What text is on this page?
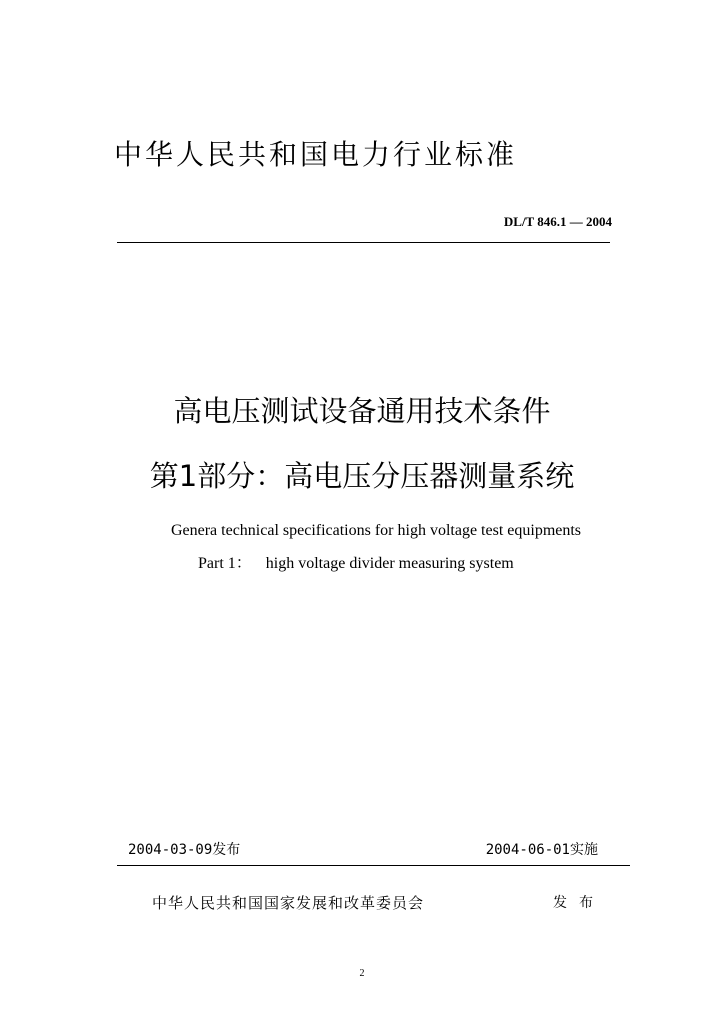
中华人民共和国电力行业标准
DL/T 846.1 — 2004
高电压测试设备通用技术条件
第1部分：高电压分压器测量系统
Genera technical specifications for high voltage test equipments
Part 1： high voltage divider measuring system
2004-03-09发布	2004-06-01实施
中华人民共和国国家发展和改革委员会	发布
2
